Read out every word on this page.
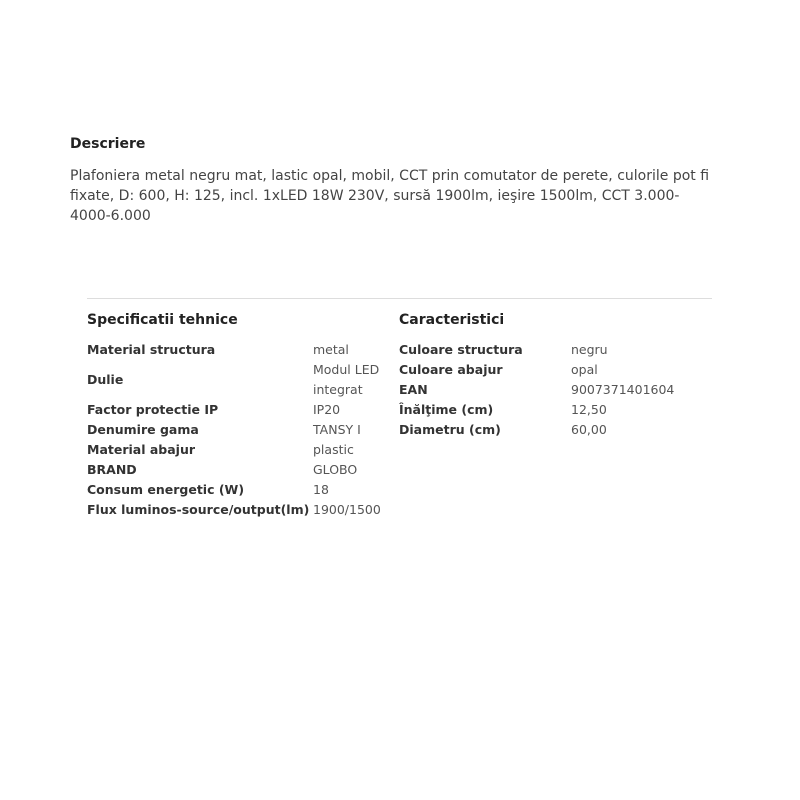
Descriere

Plafoniera metal negru mat, lastic opal, mobil, CCT prin comutator de perete, culorile pot fi fixate, D: 600, H: 125, incl. 1xLED 18W 230V, sursă 1900lm, ieşire 1500lm, CCT 3.000-4000-6.000

Specificatii tehnice	Caracteristici
Material structura	metal
Dulie	Modul LED integrat
Factor protectie IP	IP20
Denumire gama	TANSY I
Material abajur	plastic
BRAND	GLOBO
Consum energetic (W)	18
Flux luminos-source/output(lm)	1900/1500
Culoare structura	negru
Culoare abajur	opal
EAN	9007371401604
Înălţime (cm)	12,50
Diametru (cm)	60,00
